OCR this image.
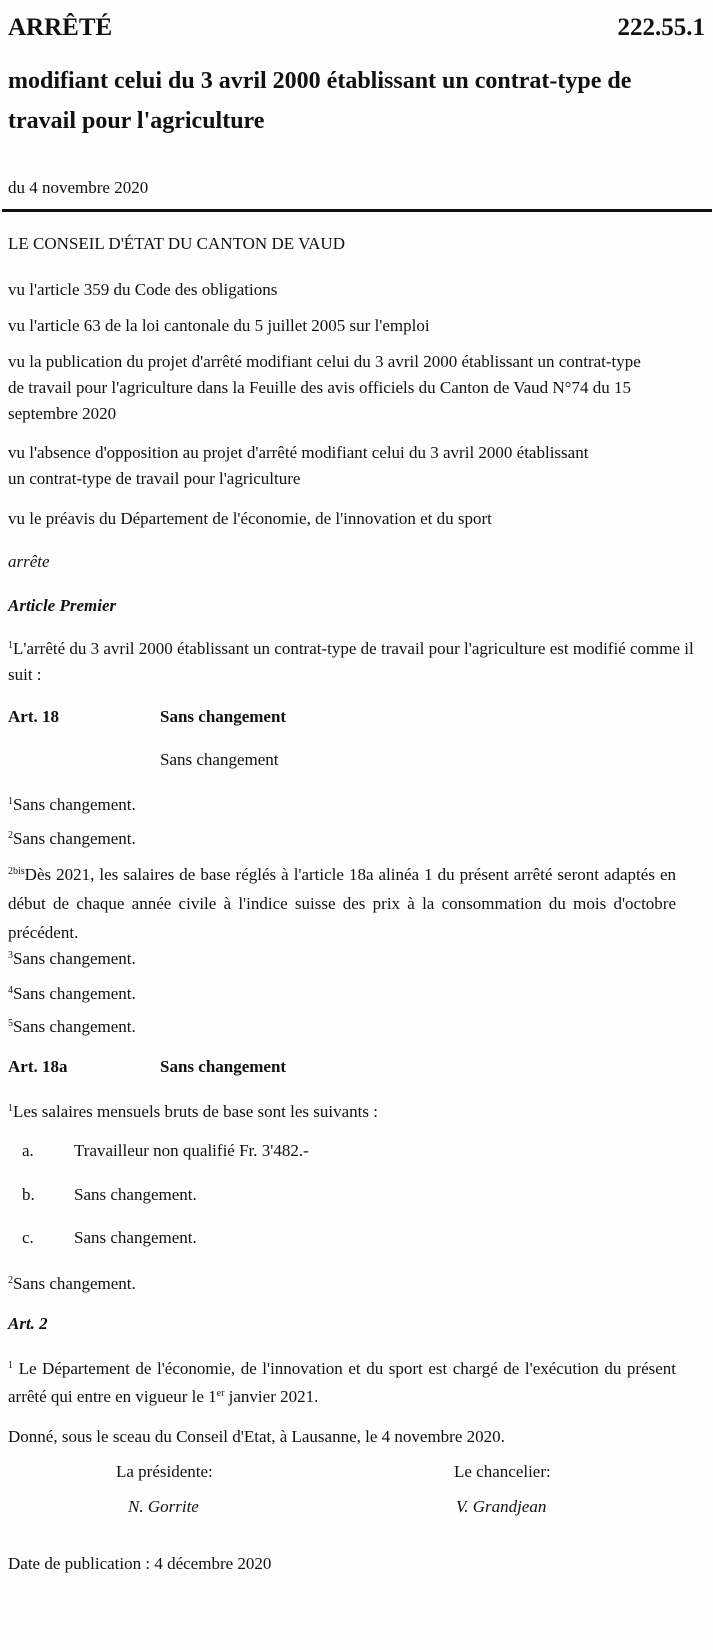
ARRÊTÉ	222.55.1
modifiant celui du 3 avril 2000 établissant un contrat-type de travail pour l'agriculture
du 4 novembre 2020
LE CONSEIL D'ÉTAT DU CANTON DE VAUD
vu l'article 359 du Code des obligations
vu l'article 63 de la loi cantonale du 5 juillet 2005 sur l'emploi
vu la publication du projet d'arrêté modifiant celui du 3 avril 2000 établissant un contrat-type de travail pour l'agriculture dans la Feuille des avis officiels du Canton de Vaud N°74 du 15 septembre 2020
vu l'absence d'opposition au projet d'arrêté modifiant celui du 3 avril 2000 établissant un contrat-type de travail pour l'agriculture
vu le préavis du Département de l'économie, de l'innovation et du sport
arrête
Article Premier
$^1$L'arrêté du 3 avril 2000 établissant un contrat-type de travail pour l'agriculture est modifié comme il suit :
Art. 18	Sans changement
Sans changement
$^1$Sans changement.
$^2$Sans changement.
$^{2bis}$Dès 2021, les salaires de base réglés à l'article 18a alinéa 1 du présent arrêté seront adaptés en début de chaque année civile à l'indice suisse des prix à la consommation du mois d'octobre précédent.
$^3$Sans changement.
$^4$Sans changement.
$^5$Sans changement.
Art. 18a	Sans changement
$^1$Les salaires mensuels bruts de base sont les suivants :
a. Travailleur non qualifié Fr. 3'482.-
b. Sans changement.
c. Sans changement.
$^2$Sans changement.
Art. 2
$^1$ Le Département de l'économie, de l'innovation et du sport est chargé de l'exécution du présent arrêté qui entre en vigueur le 1er janvier 2021.
Donné, sous le sceau du Conseil d'Etat, à Lausanne, le 4 novembre 2020.
La présidente:	Le chancelier:
N. Gorrite	V. Grandjean
Date de publication : 4 décembre 2020
